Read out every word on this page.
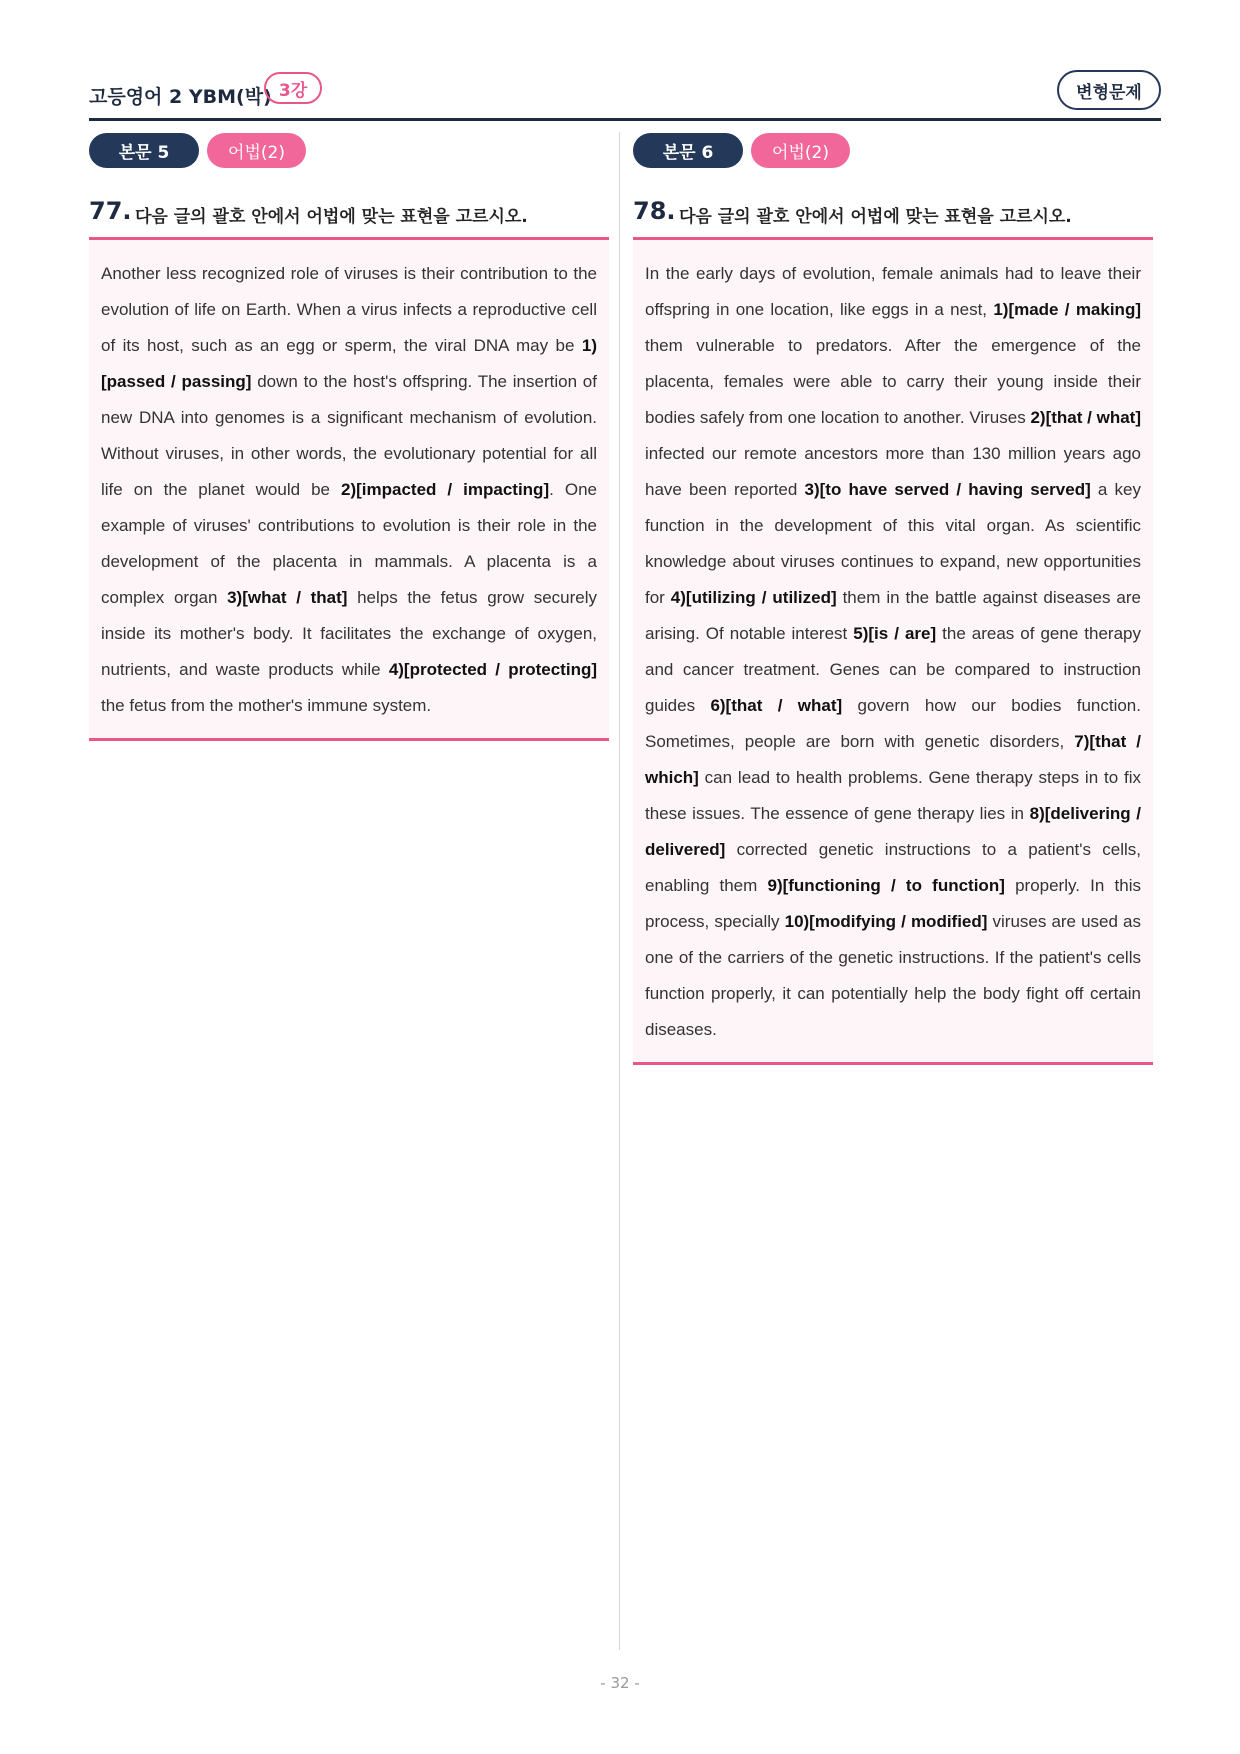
고등영어 2 YBM(박) 3강	변형문제
본문 5	어법(2)
77. 다음 글의 괄호 안에서 어법에 맞는 표현을 고르시오.

Another less recognized role of viruses is their contribution to the evolution of life on Earth. When a virus infects a reproductive cell of its host, such as an egg or sperm, the viral DNA may be 1)[passed / passing] down to the host's offspring. The insertion of new DNA into genomes is a significant mechanism of evolution. Without viruses, in other words, the evolutionary potential for all life on the planet would be 2)[impacted / impacting]. One example of viruses' contributions to evolution is their role in the development of the placenta in mammals. A placenta is a complex organ 3)[what / that] helps the fetus grow securely inside its mother's body. It facilitates the exchange of oxygen, nutrients, and waste products while 4)[protected / protecting] the fetus from the mother's immune system.

본문 6	어법(2)
78. 다음 글의 괄호 안에서 어법에 맞는 표현을 고르시오.

In the early days of evolution, female animals had to leave their offspring in one location, like eggs in a nest, 1)[made / making] them vulnerable to predators. After the emergence of the placenta, females were able to carry their young inside their bodies safely from one location to another. Viruses 2)[that / what] infected our remote ancestors more than 130 million years ago have been reported 3)[to have served / having served] a key function in the development of this vital organ. As scientific knowledge about viruses continues to expand, new opportunities for 4)[utilizing / utilized] them in the battle against diseases are arising. Of notable interest 5)[is / are] the areas of gene therapy and cancer treatment. Genes can be compared to instruction guides 6)[that / what] govern how our bodies function. Sometimes, people are born with genetic disorders, 7)[that / which] can lead to health problems. Gene therapy steps in to fix these issues. The essence of gene therapy lies in 8)[delivering / delivered] corrected genetic instructions to a patient's cells, enabling them 9)[functioning / to function] properly. In this process, specially 10)[modifying / modified] viruses are used as one of the carriers of the genetic instructions. If the patient's cells function properly, it can potentially help the body fight off certain diseases.

- 32 -
